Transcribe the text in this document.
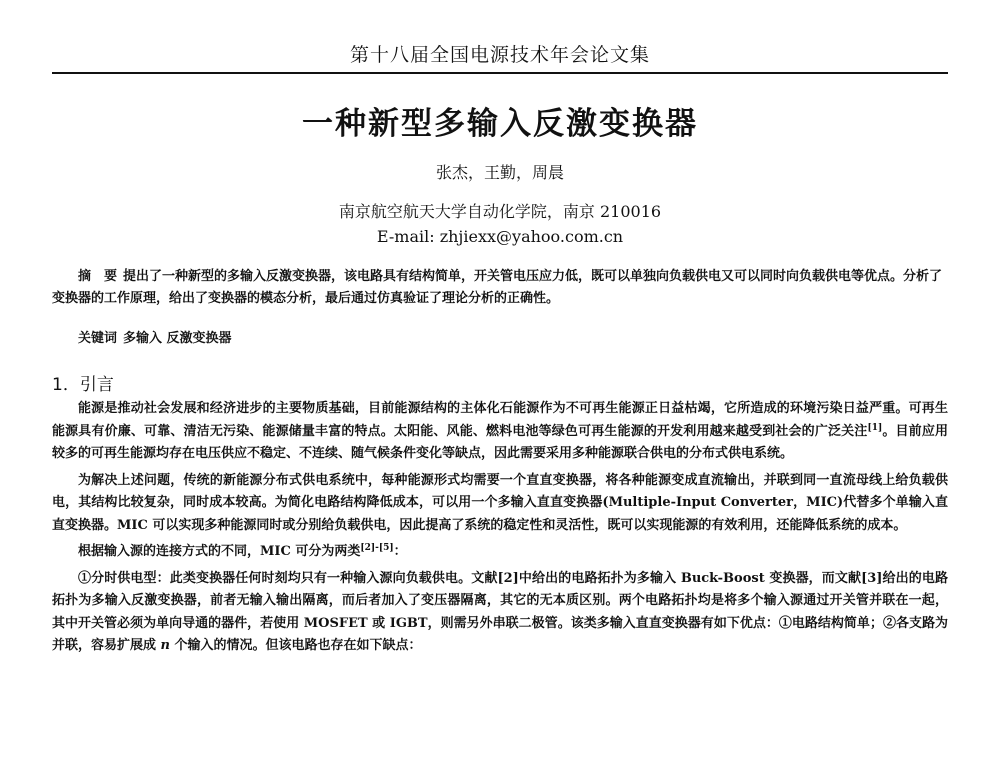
第十八届全国电源技术年会论文集
一种新型多输入反激变换器
张杰，王勤，周晨
南京航空航天大学自动化学院，南京 210016
E-mail: zhjiexx@yahoo.com.cn
摘　要 提出了一种新型的多输入反激变换器，该电路具有结构简单，开关管电压应力低，既可以单独向负载供电又可以同时向负载供电等优点。分析了变换器的工作原理，给出了变换器的模态分析，最后通过仿真验证了理论分析的正确性。
关键词 多输入 反激变换器
1．引言

能源是推动社会发展和经济进步的主要物质基础，目前能源结构的主体化石能源作为不可再生能源正日益枯竭，它所造成的环境污染日益严重。可再生能源具有价廉、可靠、清洁无污染、能源储量丰富的特点。太阳能、风能、燃料电池等绿色可再生能源的开发利用越来越受到社会的广泛关注[1]。目前应用较多的可再生能源均存在电压供应不稳定、不连续、随气候条件变化等缺点，因此需要采用多种能源联合供电的分布式供电系统。

为解决上述问题，传统的新能源分布式供电系统中，每种能源形式均需要一个直直变换器，将各种能源变成直流输出，并联到同一直流母线上给负载供电，其结构比较复杂，同时成本较高。为简化电路结构降低成本，可以用一个多输入直直变换器(Multiple-Input Converter，MIC)代替多个单输入直直变换器。MIC 可以实现多种能源同时或分别给负载供电，因此提高了系统的稳定性和灵活性，既可以实现能源的有效利用，还能降低系统的成本。

根据输入源的连接方式的不同，MIC 可分为两类[2]-[5]：

①分时供电型：此类变换器任何时刻均只有一种输入源向负载供电。文献[2]中给出的电路拓扑为多输入 Buck-Boost 变换器，而文献[3]给出的电路拓扑为多输入反激变换器，前者无输入输出隔离，而后者加入了变压器隔离，其它的无本质区别。两个电路拓扑均是将多个输入源通过开关管并联在一起，其中开关管必须为单向导通的器件，若使用 MOSFET 或 IGBT，则需另外串联二极管。该类多输入直直变换器有如下优点：①电路结构简单；②各支路为并联，容易扩展成 n 个输入的情况。但该电路也存在如下缺点：
